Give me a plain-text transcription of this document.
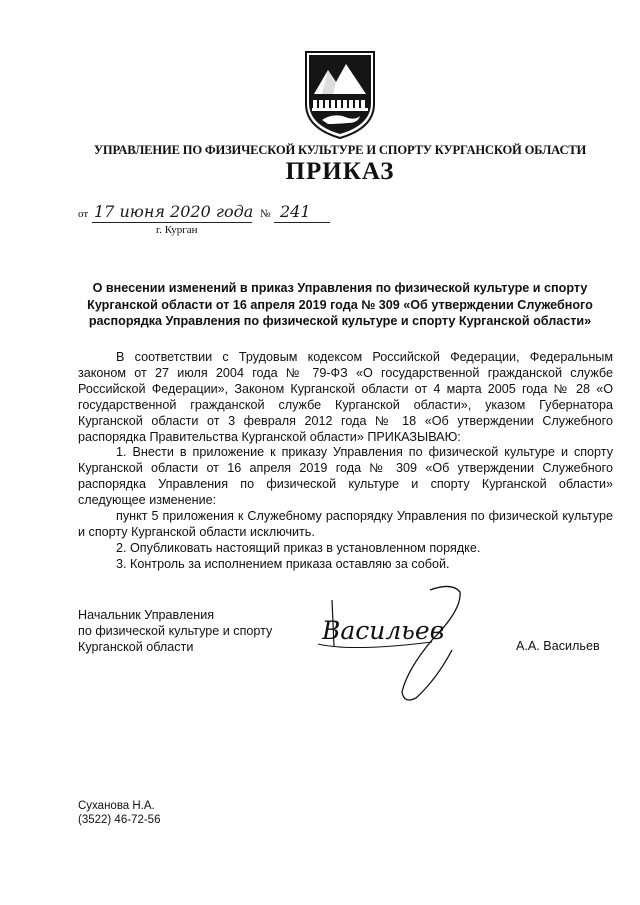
УПРАВЛЕНИЕ ПО ФИЗИЧЕСКОЙ КУЛЬТУРЕ И СПОРТУ КУРГАНСКОЙ ОБЛАСТИ
ПРИКАЗ
от 17 июня 2020 года № 241
г. Курган
О внесении изменений в приказ Управления по физической культуре и спорту Курганской области от 16 апреля 2019 года № 309 «Об утверждении Служебного распорядка Управления по физической культуре и спорту Курганской области»

В соответствии с Трудовым кодексом Российской Федерации, Федеральным законом от 27 июля 2004 года № 79-ФЗ «О государственной гражданской службе Российской Федерации», Законом Курганской области от 4 марта 2005 года № 28 «О государственной гражданской службе Курганской области», указом Губернатора Курганской области от 3 февраля 2012 года № 18 «Об утверждении Служебного распорядка Правительства Курганской области» ПРИКАЗЫВАЮ:

1. Внести в приложение к приказу Управления по физической культуре и спорту Курганской области от 16 апреля 2019 года № 309 «Об утверждении Служебного распорядка Управления по физической культуре и спорту Курганской области» следующее изменение:

пункт 5 приложения к Служебному распорядку Управления по физической культуре и спорту Курганской области исключить.

2. Опубликовать настоящий приказ в установленном порядке.

3. Контроль за исполнением приказа оставляю за собой.

Начальник Управления
по физической культуре и спорту
Курганской области
Васильев
А.А. Васильев
Суханова Н.А.
(3522) 46-72-56
